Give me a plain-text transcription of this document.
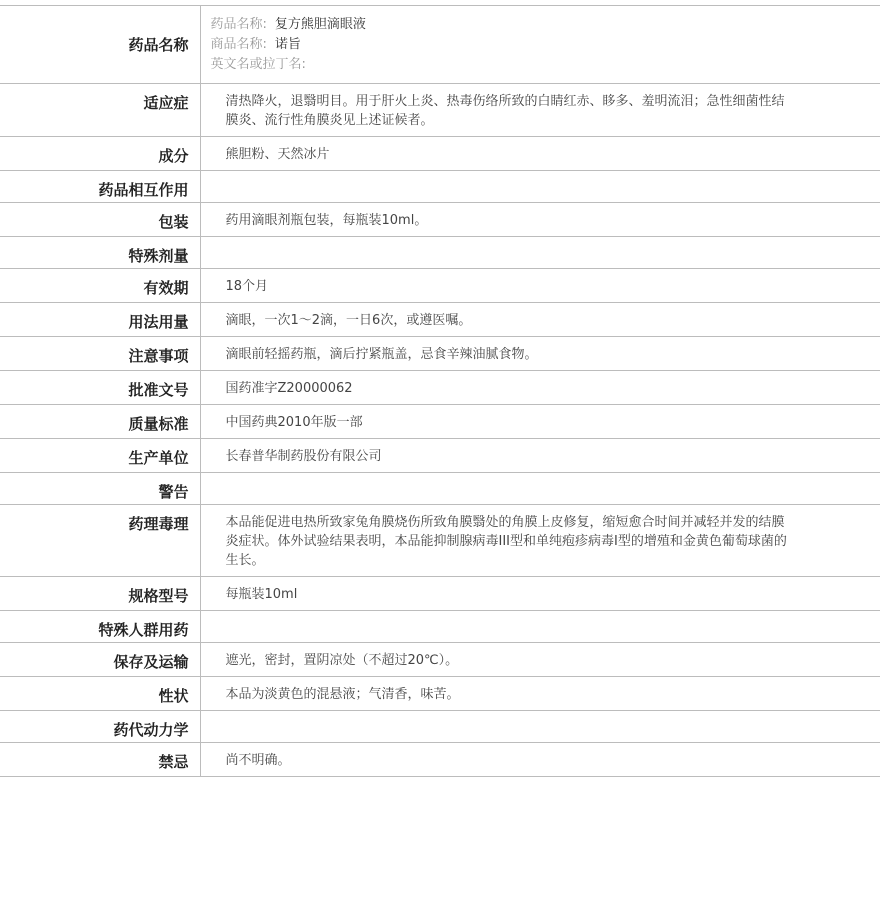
药品名称	药品名称: 复方熊胆滴眼液
商品名称: 诺旨
英文名或拉丁名:

适应症	清热降火，退翳明目。用于肝火上炎、热毒伤络所致的白睛红赤、眵多、羞明流泪；急性细菌性结膜炎、流行性角膜炎见上述证候者。
成分	熊胆粉、天然冰片
药品相互作用	
包装	药用滴眼剂瓶包装，每瓶装10ml。
特殊剂量	
有效期	18个月
用法用量	滴眼，一次1～2滴，一日6次，或遵医嘱。
注意事项	滴眼前轻摇药瓶，滴后拧紧瓶盖，忌食辛辣油腻食物。
批准文号	国药准字Z20000062
质量标准	中国药典2010年版一部
生产单位	长春普华制药股份有限公司
警告	
药理毒理	本品能促进电热所致家兔角膜烧伤所致角膜翳处的角膜上皮修复，缩短愈合时间并减轻并发的结膜炎症状。体外试验结果表明，本品能抑制腺病毒III型和单纯疱疹病毒I型的增殖和金黄色葡萄球菌的生长。
规格型号	每瓶装10ml
特殊人群用药	
保存及运输	遮光，密封，置阴凉处（不超过20℃）。
性状	本品为淡黄色的混悬液；气清香，味苦。
药代动力学	
禁忌	尚不明确。
